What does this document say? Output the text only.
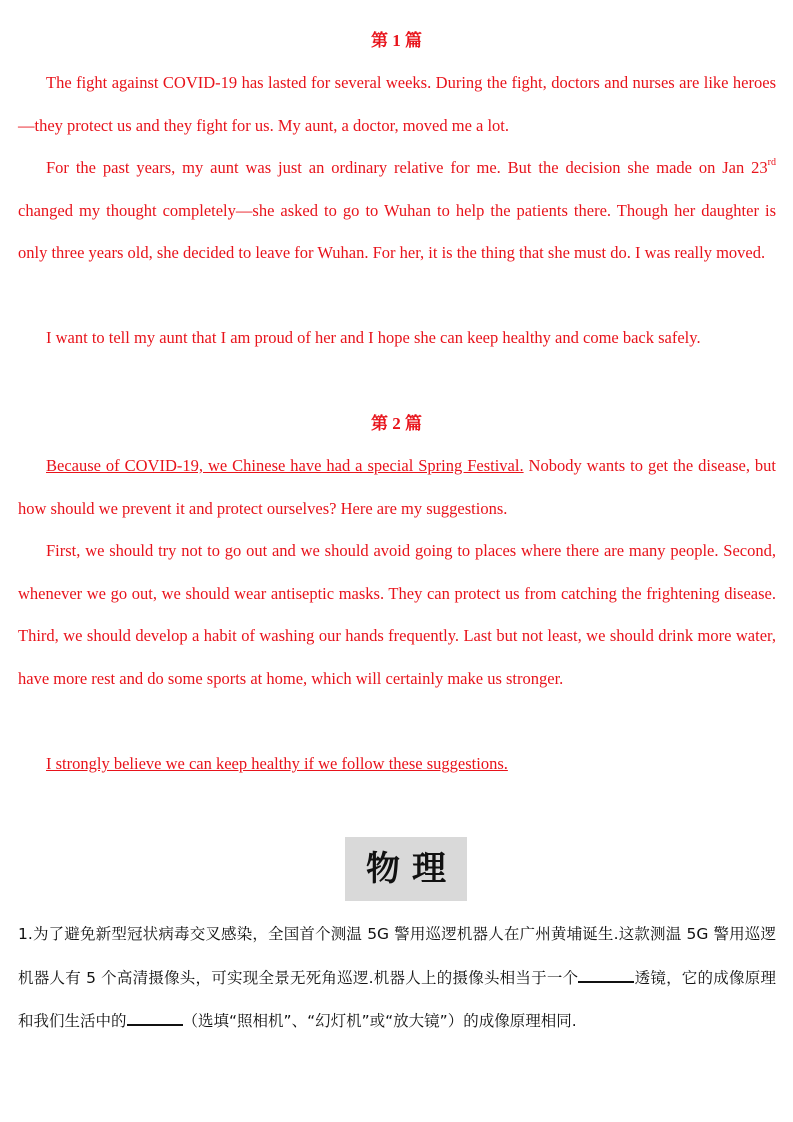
第 1 篇

The fight against COVID-19 has lasted for several weeks. During the fight, doctors and nurses are like heroes—they protect us and they fight for us. My aunt, a doctor, moved me a lot.

For the past years, my aunt was just an ordinary relative for me. But the decision she made on Jan 23rd changed my thought completely—she asked to go to Wuhan to help the patients there. Though her daughter is only three years old, she decided to leave for Wuhan. For her, it is the thing that she must do. I was really moved.

I want to tell my aunt that I am proud of her and I hope she can keep healthy and come back safely.

第 2 篇

Because of COVID-19, we Chinese have had a special Spring Festival. Nobody wants to get the disease, but how should we prevent it and protect ourselves? Here are my suggestions.

First, we should try not to go out and we should avoid going to places where there are many people. Second, whenever we go out, we should wear antiseptic masks. They can protect us from catching the frightening disease. Third, we should develop a habit of washing our hands frequently. Last but not least, we should drink more water, have more rest and do some sports at home, which will certainly make us stronger.

I strongly believe we can keep healthy if we follow these suggestions.

物理

1.为了避免新型冠状病毒交叉感染，全国首个测温 5G 警用巡逻机器人在广州黄埔诞生.这款测温 5G 警用巡逻机器人有 5 个高清摄像头，可实现全景无死角巡逻.机器人上的摄像头相当于一个	透镜，它的成像原理和我们生活中的	（选填“照相机”、“幻灯机”或“放大镜”）的成像原理相同.
